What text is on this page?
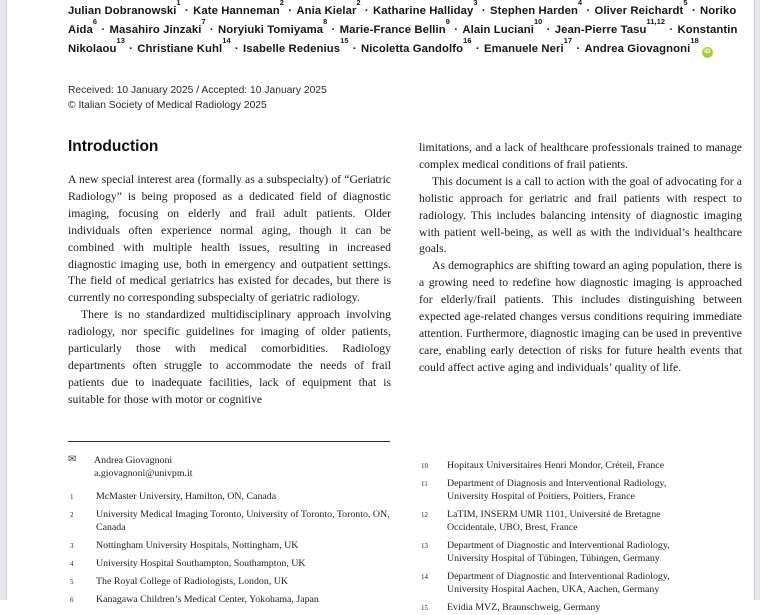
Julian Dobranowski$^1$ · Kate Hanneman$^2$ · Ania Kielar$^2$ · Katharine Halliday$^3$ · Stephen Harden$^4$ · Oliver Reichardt$^5$ · Noriko Aida$^6$ · Masahiro Jinzaki$^7$ · Noryiuki Tomiyama$^8$ · Marie-France Bellin$^9$ · Alain Luciani$^{10}$ · Jean-Pierre Tasu$^{11,12}$ · Konstantin Nikolaou$^{13}$ · Christiane Kuhl$^{14}$ · Isabelle Redenius$^{15}$ · Nicoletta Gandolfo$^{16}$ · Emanuele Neri$^{17}$ · Andrea Giovagnoni$^{18}$iD
Received: 10 January 2025 / Accepted: 10 January 2025
© Italian Society of Medical Radiology 2025
Introduction

A new special interest area (formally as a subspecialty) of “Geriatric Radiology” is being proposed as a dedicated field of diagnostic imaging, focusing on elderly and frail adult patients. Older individuals often experience normal aging, though it can be combined with multiple health issues, resulting in increased diagnostic imaging use, both in emergency and outpatient settings. The field of medical geriatrics has existed for decades, but there is currently no corresponding subspecialty of geriatric radiology.

There is no standardized multidisciplinary approach involving radiology, nor specific guidelines for imaging of older patients, particularly those with medical comorbidities. Radiology departments often struggle to accommodate the needs of frail patients due to inadequate facilities, lack of equipment that is suitable for those with motor or cognitive

limitations, and a lack of healthcare professionals trained to manage complex medical conditions of frail patients.

This document is a call to action with the goal of advocating for a holistic approach for geriatric and frail patients with respect to radiology. This includes balancing intensity of diagnostic imaging with patient well-being, as well as with the individual’s healthcare goals.

As demographics are shifting toward an aging population, there is a growing need to redefine how diagnostic imaging is approached for elderly/frail patients. This includes distinguishing between expected age-related changes versus conditions requiring immediate attention. Furthermore, diagnostic imaging can be used in preventive care, enabling early detection of risks for future health events that could affect active aging and individuals’ quality of life.

✉	Andrea Giovagnoni
a.giovagnoni@univpm.it
$^1$	McMaster University, Hamilton, ON, Canada
$^2$	University Medical Imaging Toronto, University of Toronto, Toronto, ON, Canada
$^3$	Nottingham University Hospitals, Nottingham, UK
$^4$	University Hospital Southampton, Southampton, UK
$^5$	The Royal College of Radiologists, London, UK
$^6$	Kanagawa Children’s Medical Center, Yokohama, Japan
$^{10}$	Hopitaux Universitaires Henri Mondor, Créteil, France
$^{11}$	Department of Diagnosis and Interventional Radiology, University Hospital of Poitiers, Poitiers, France
$^{12}$	LaTIM, INSERM UMR 1101, Université de Bretagne Occidentale, UBO, Brest, France
$^{13}$	Department of Diagnostic and Interventional Radiology, University Hospital of Tübingen, Tübingen, Germany
$^{14}$	Department of Diagnostic and Interventional Radiology, University Hospital Aachen, UKA, Aachen, Germany
$^{15}$	Evidia MVZ, Braunschweig, Germany
